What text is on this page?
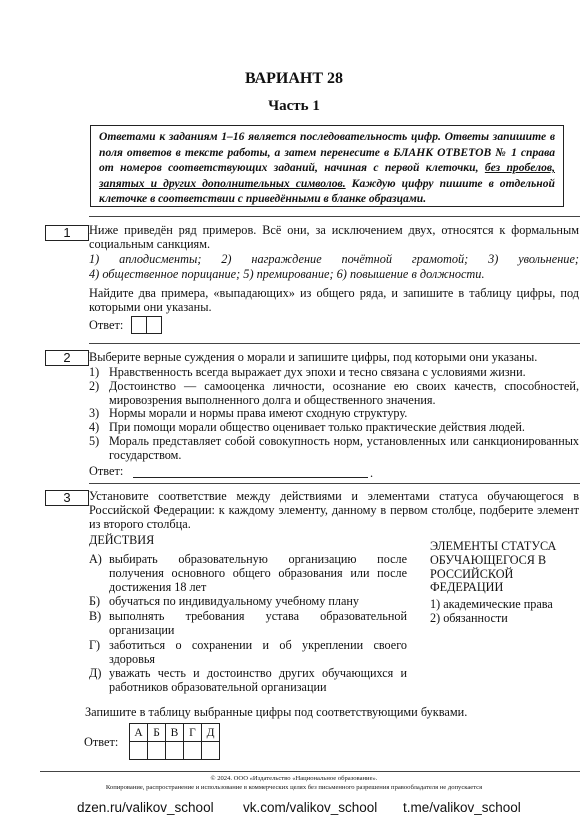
ВАРИАНТ 28
Часть 1
Ответами к заданиям 1–16 является последовательность цифр. Ответы запишите в поля ответов в тексте работы, а затем перенесите в БЛАНК ОТВЕТОВ № 1 справа от номеров соответствующих заданий, начиная с первой клеточки, без пробелов, запятых и других дополнительных символов. Каждую цифру пишите в отдельной клеточке в соответствии с приведёнными в бланке образцами.
1	Ниже приведён ряд примеров. Всё они, за исключением двух, относятся к формальным социальным санкциям.
1) аплодисменты; 2) награждение почётной грамотой; 3) увольнение;
4) общественное порицание; 5) премирование; 6) повышение в должности.
Найдите два примера, «выпадающих» из общего ряда, и запишите в таблицу цифры, под которыми они указаны.
Ответ:
2	Выберите верные суждения о морали и запишите цифры, под которыми они указаны.
1) Нравственность всегда выражает дух эпохи и тесно связана с условиями жизни.
2) Достоинство — самооценка личности, осознание ею своих качеств, способностей, мировозрения выполненного долга и общественного значения.
3) Нормы морали и нормы права имеют сходную структуру.
4) При помощи морали общество оценивает только практические действия людей.
5) Мораль представляет собой совокупность норм, установленных или санкционированных государством.
Ответ:	.
3	Установите соответствие между действиями и элементами статуса обучающегося в Российской Федерации: к каждому элементу, данному в первом столбце, подберите элемент из второго столбца.
ДЕЙСТВИЯ
А) выбирать образовательную организацию после получения основного общего образования или после достижения 18 лет
Б) обучаться по индивидуальному учебному плану
В) выполнять требования устава образовательной организации
Г) заботиться о сохранении и об укреплении своего здоровья
Д) уважать честь и достоинство других обучающихся и работников образовательной организации
ЭЛЕМЕНТЫ СТАТУСА ОБУЧАЮЩЕГОСЯ В РОССИЙСКОЙ ФЕДЕРАЦИИ
1) академические права
2) обязанности
Запишите в таблицу выбранные цифры под соответствующими буквами.
Ответ:
А	Б	В	Г	Д

© 2024. ООО «Издательство «Национальное образование».
Копирование, распространение и использование в коммерческих целях без письменного разрешения правообладателя не допускается
dzen.ru/valikov_school vk.com/valikov_school t.me/valikov_school
